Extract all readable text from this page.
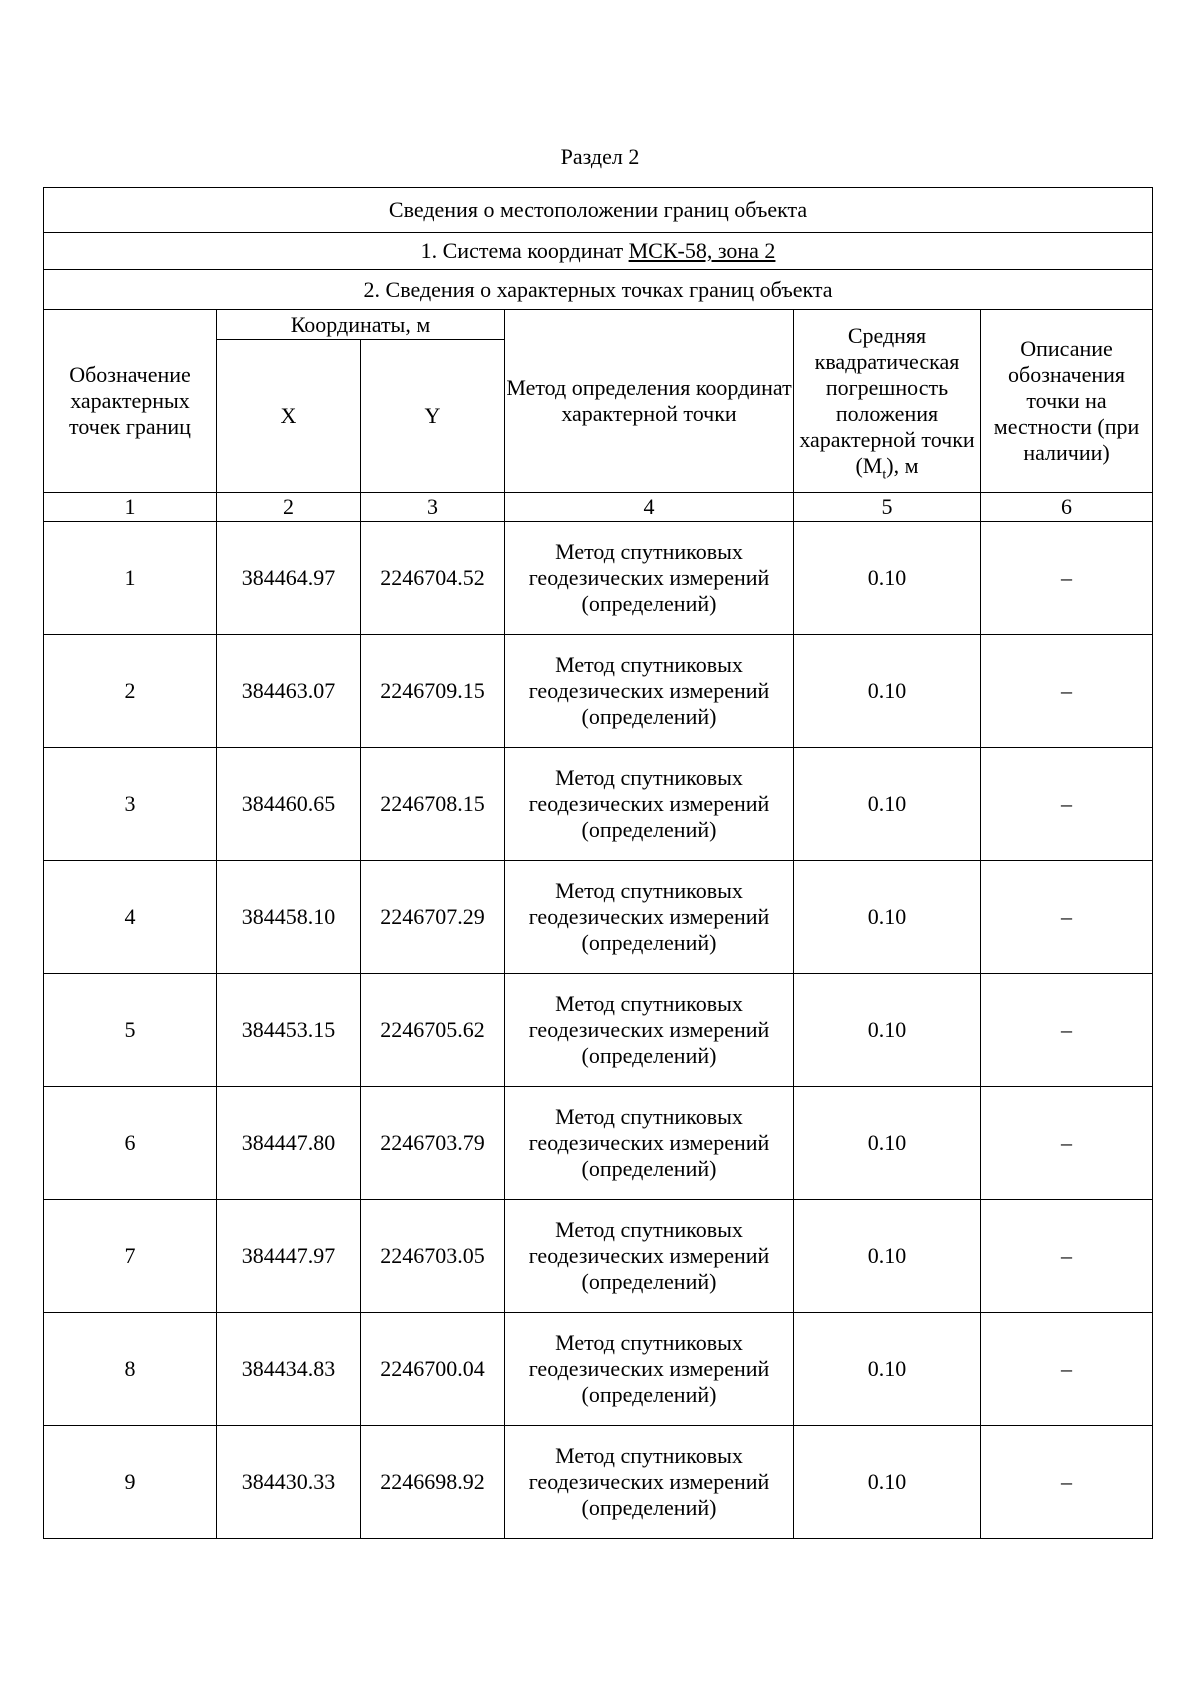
Раздел 2
Сведения о местоположении границ объекта					
1. Система координат МСК-58, зона 2					
2. Сведения о характерных точках границ объекта					
Обозначение характерных точек границ	Координаты, м		Метод определения координат характерной точки	Средняя квадратическая погрешность положения характерной точки $(M_t)$, м	Описание обозначения точки на местности (при наличии)
	X	Y			
1	2	3	4	5	6
1	384464.97	2246704.52	Метод спутниковых геодезических измерений (определений)	0.10	–
2	384463.07	2246709.15	Метод спутниковых геодезических измерений (определений)	0.10	–
3	384460.65	2246708.15	Метод спутниковых геодезических измерений (определений)	0.10	–
4	384458.10	2246707.29	Метод спутниковых геодезических измерений (определений)	0.10	–
5	384453.15	2246705.62	Метод спутниковых геодезических измерений (определений)	0.10	–
6	384447.80	2246703.79	Метод спутниковых геодезических измерений (определений)	0.10	–
7	384447.97	2246703.05	Метод спутниковых геодезических измерений (определений)	0.10	–
8	384434.83	2246700.04	Метод спутниковых геодезических измерений (определений)	0.10	–
9	384430.33	2246698.92	Метод спутниковых геодезических измерений (определений)	0.10	–
